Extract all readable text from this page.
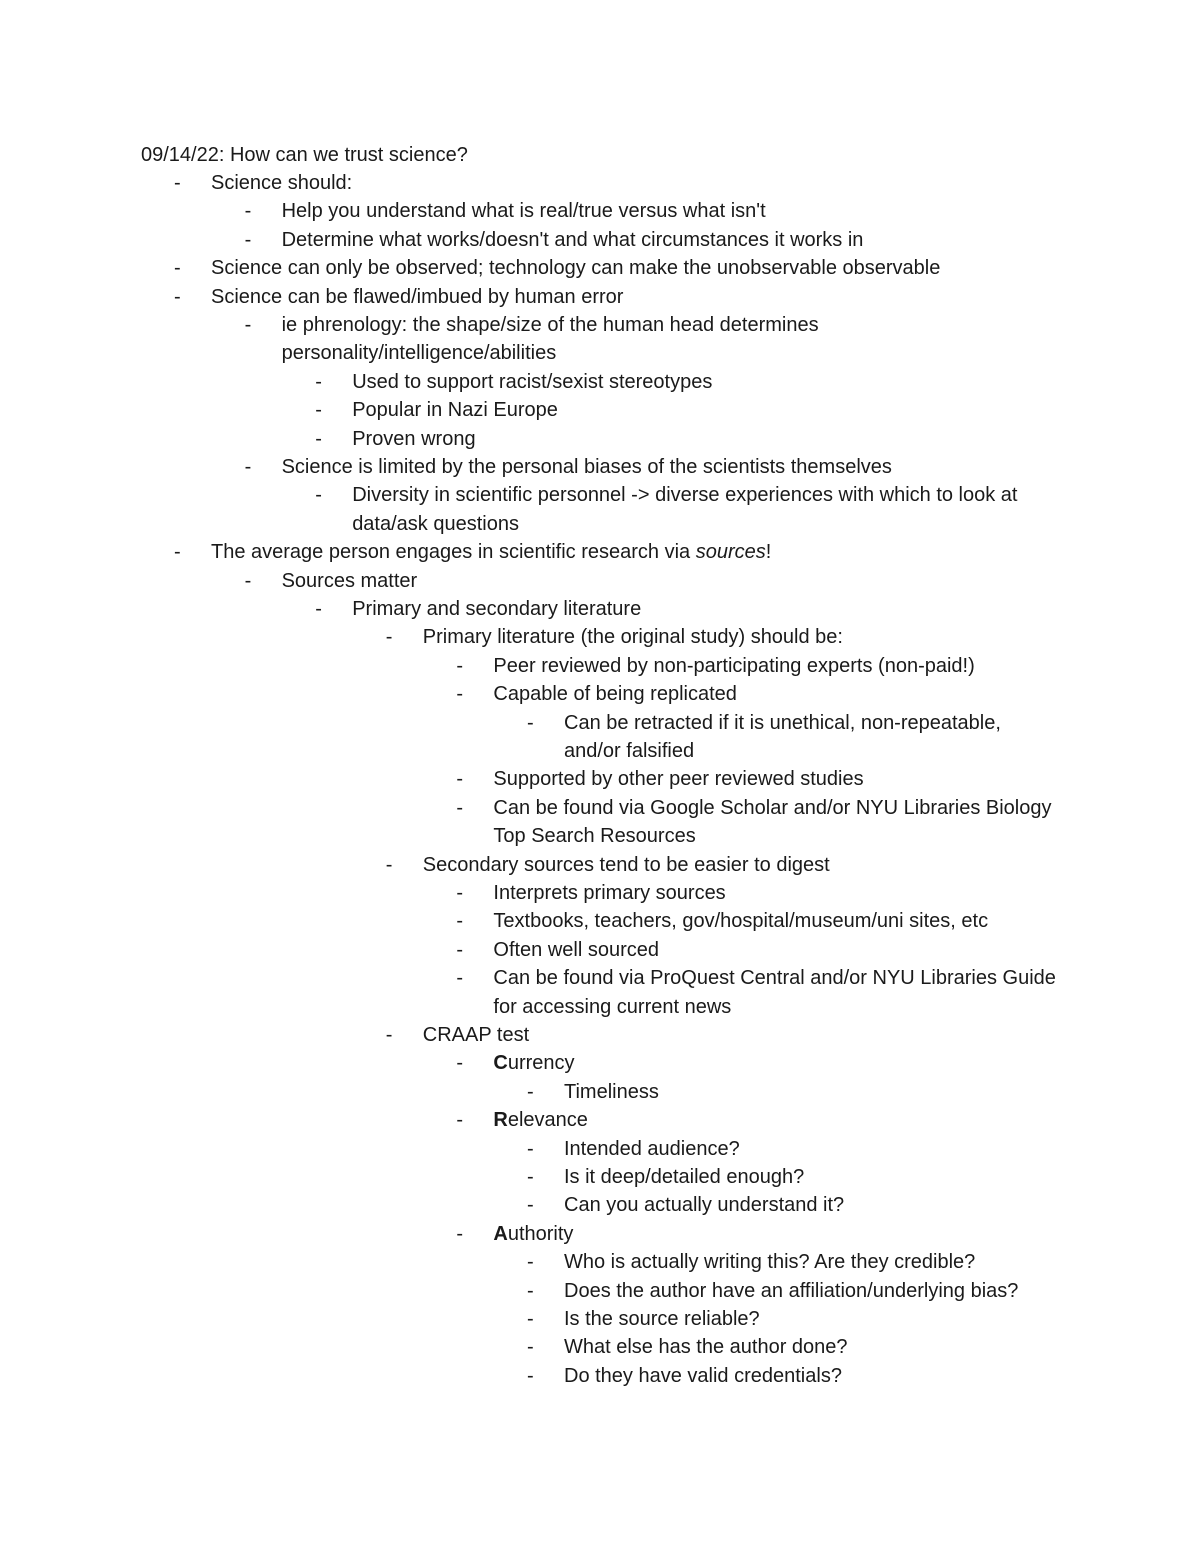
09/14/22: How can we trust science?
- Science should:
- Help you understand what is real/true versus what isn't
- Determine what works/doesn't and what circumstances it works in
- Science can only be observed; technology can make the unobservable observable
- Science can be flawed/imbued by human error
- ie phrenology: the shape/size of the human head determines personality/intelligence/abilities
- Used to support racist/sexist stereotypes
- Popular in Nazi Europe
- Proven wrong
- Science is limited by the personal biases of the scientists themselves
- Diversity in scientific personnel -> diverse experiences with which to look at data/ask questions
- The average person engages in scientific research via sources!
- Sources matter
- Primary and secondary literature
- Primary literature (the original study) should be:
- Peer reviewed by non-participating experts (non-paid!)
- Capable of being replicated
- Can be retracted if it is unethical, non-repeatable, and/or falsified
- Supported by other peer reviewed studies
- Can be found via Google Scholar and/or NYU Libraries Biology Top Search Resources
- Secondary sources tend to be easier to digest
- Interprets primary sources
- Textbooks, teachers, gov/hospital/museum/uni sites, etc
- Often well sourced
- Can be found via ProQuest Central and/or NYU Libraries Guide for accessing current news
- CRAAP test
- Currency
- Timeliness
- Relevance
- Intended audience?
- Is it deep/detailed enough?
- Can you actually understand it?
- Authority
- Who is actually writing this? Are they credible?
- Does the author have an affiliation/underlying bias?
- Is the source reliable?
- What else has the author done?
- Do they have valid credentials?
